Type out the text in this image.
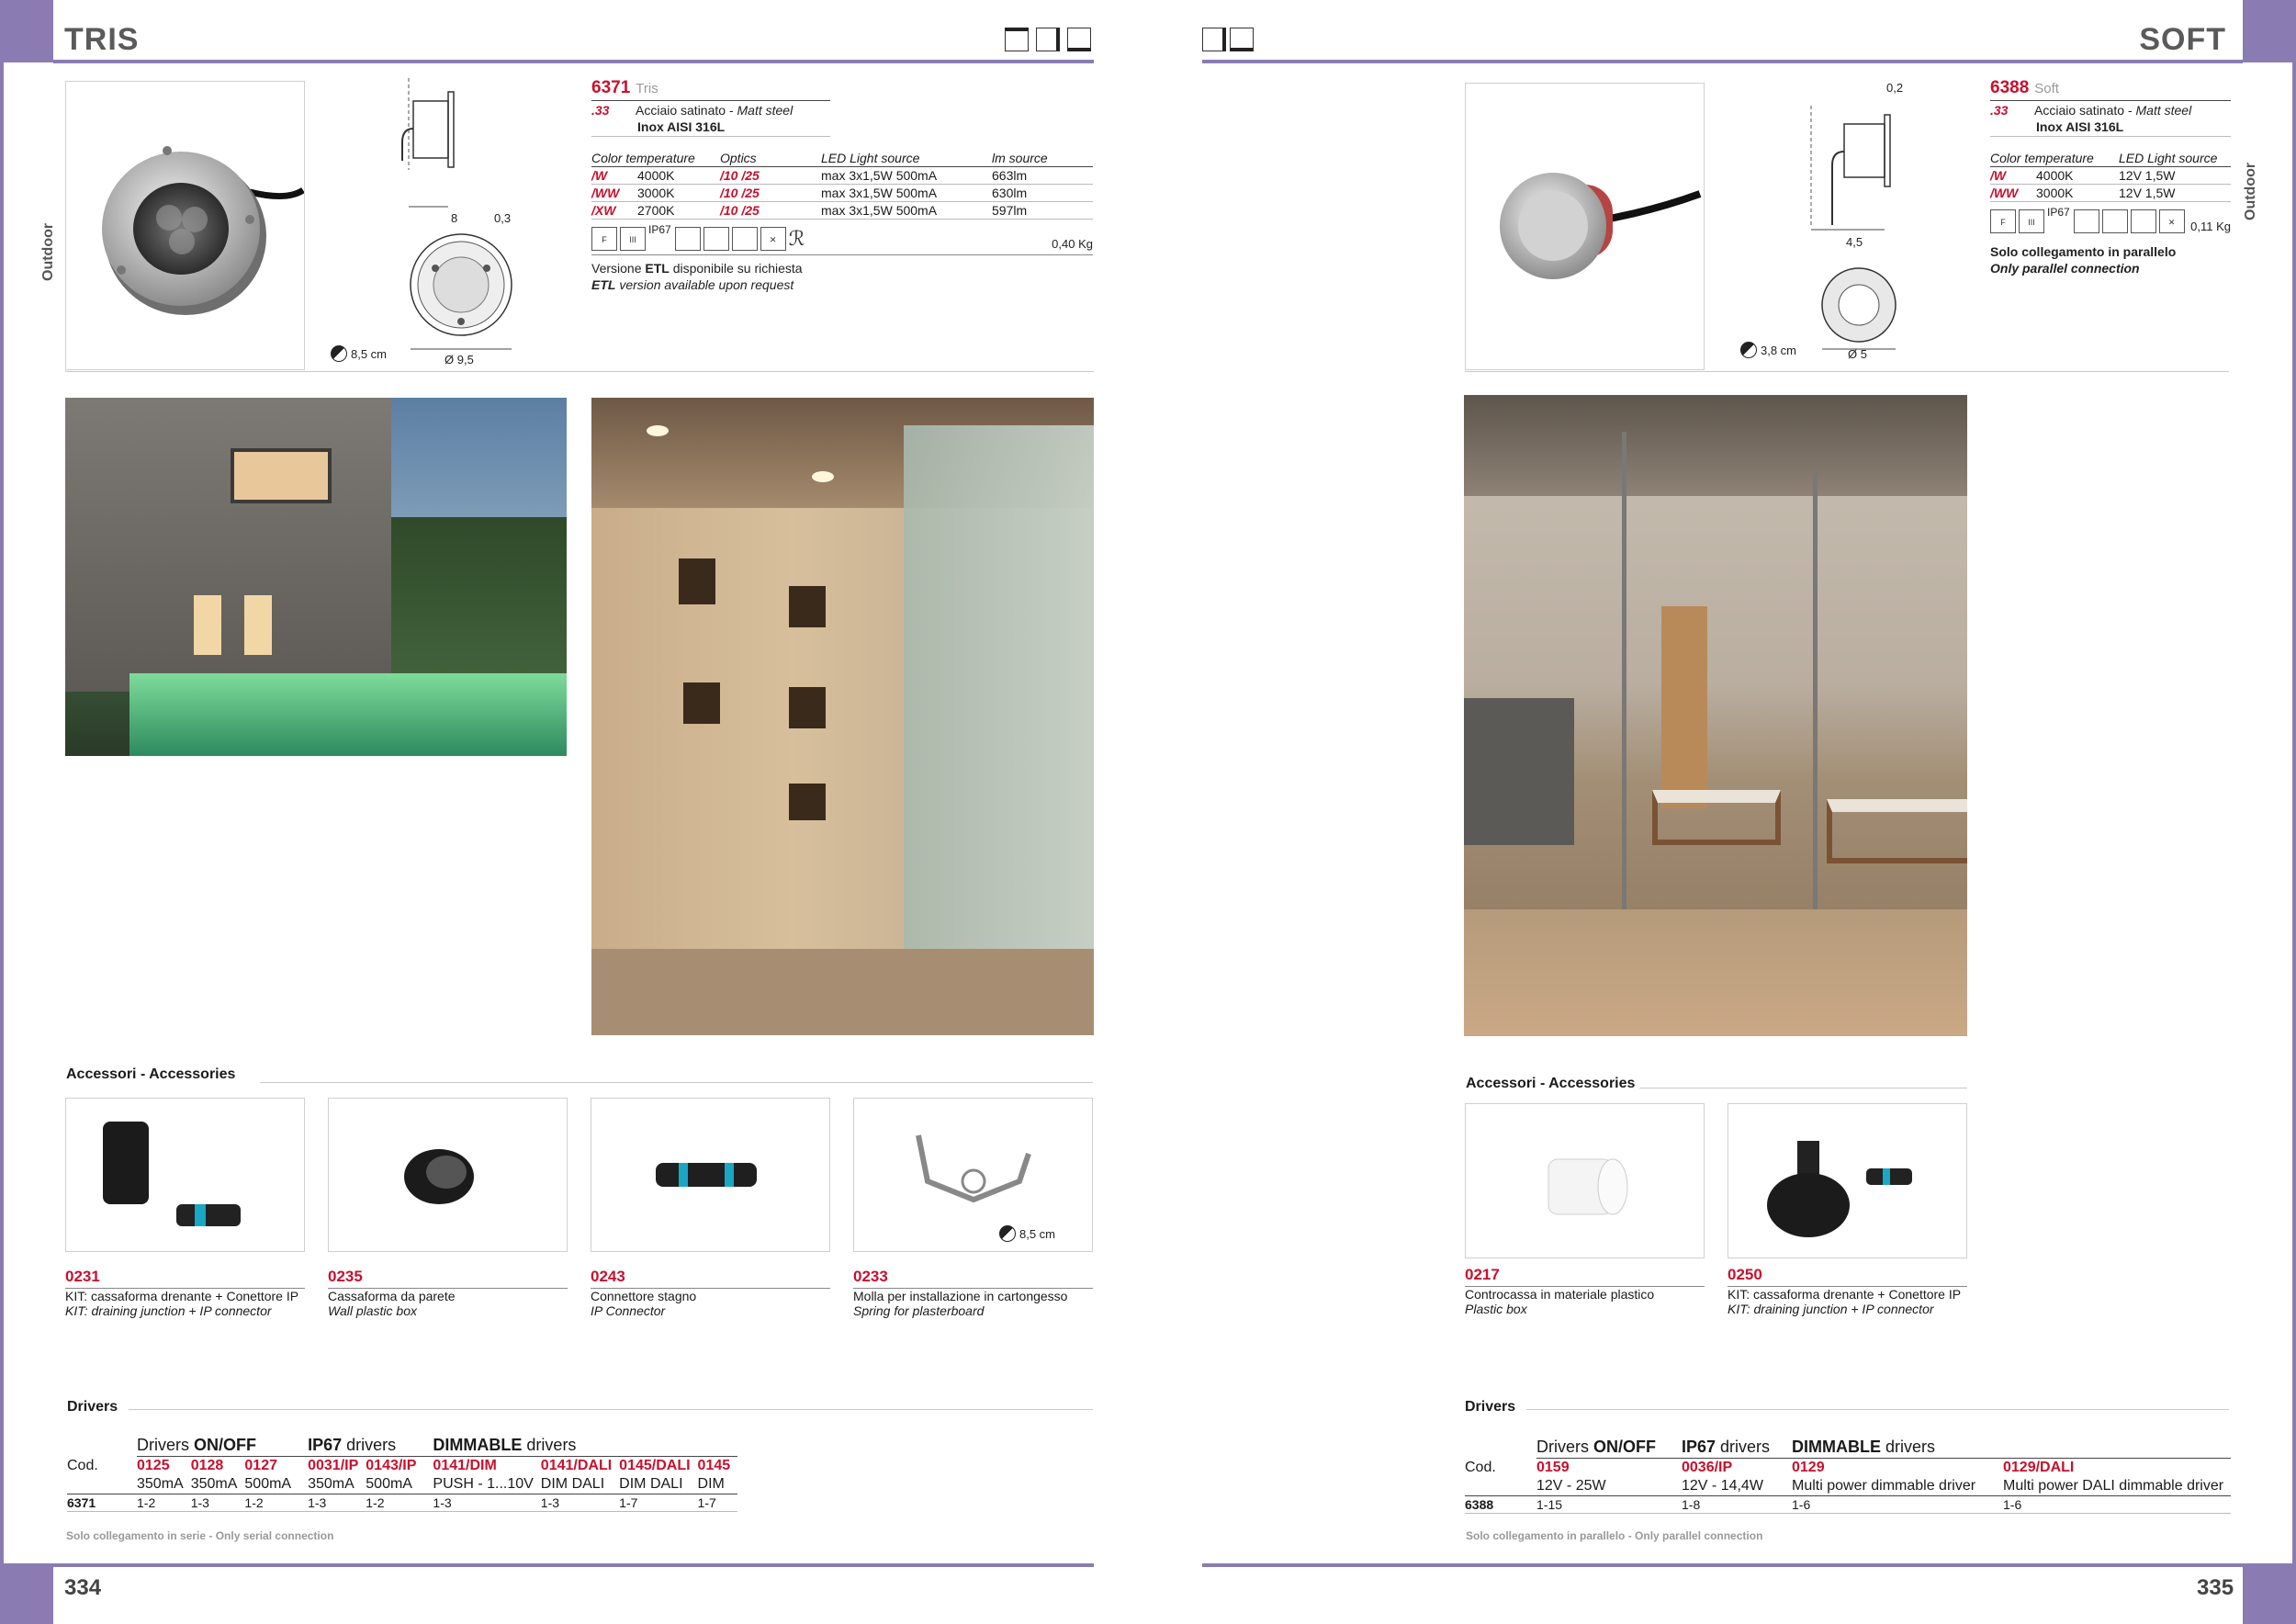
TRIS
Outdoor
8	0,3
Ø 9,5
8,5 cm
6371 Tris
.33	Acciaio satinato - Matt steel
Inox AISI 316L
Color temperature		Optics	LED Light source	lm source
/W	4000K	/10 /25	max 3x1,5W 500mA	663lm
/WW	3000K	/10 /25	max 3x1,5W 500mA	630lm
/XW	2700K	/10 /25	max 3x1,5W 500mA	597lm
F	III
IP67
✕ ℛ	0,40 Kg
Versione ETL disponibile su richiesta
ETL version available upon request
Accessori - Accessories
8,5 cm
0231
KIT: cassaforma drenante + Conettore IP
KIT: draining junction + IP connector
0235
Cassaforma da parete
Wall plastic box
0243
Connettore stagno
IP Connector
0233
Molla per installazione in cartongesso
Spring for plasterboard
Drivers
	Drivers ON/OFF			IP67 drivers		DIMMABLE drivers			
Cod.	0125	0128	0127	0031/IP	0143/IP	0141/DIM	0141/DALI	0145/DALI	0145
	350mA	350mA	500mA	350mA	500mA	PUSH - 1...10V	DIM DALI	DIM DALI	DIM
6371	1-2	1-3	1-2	1-3	1-2	1-3	1-3	1-7	1-7
Solo collegamento in serie - Only serial connection
334
SOFT
Outdoor
0,2
4,5
Ø 5
3,8 cm
6388 Soft
.33	Acciaio satinato - Matt steel
Inox AISI 316L
Color temperature		LED Light source
/W	4000K	12V 1,5W
/WW	3000K	12V 1,5W
F	III
IP67
✕	0,11 Kg
Solo collegamento in parallelo
Only parallel connection
Accessori - Accessories
0217
Controcassa in materiale plastico
Plastic box
0250
KIT: cassaforma drenante + Conettore IP
KIT: draining junction + IP connector
Drivers
	Drivers ON/OFF	IP67 drivers	DIMMABLE drivers	
Cod.	0159	0036/IP	0129	0129/DALI
	12V - 25W	12V - 14,4W	Multi power dimmable driver	Multi power DALI dimmable driver
6388	1-15	1-8	1-6	1-6
Solo collegamento in parallelo - Only parallel connection
335
